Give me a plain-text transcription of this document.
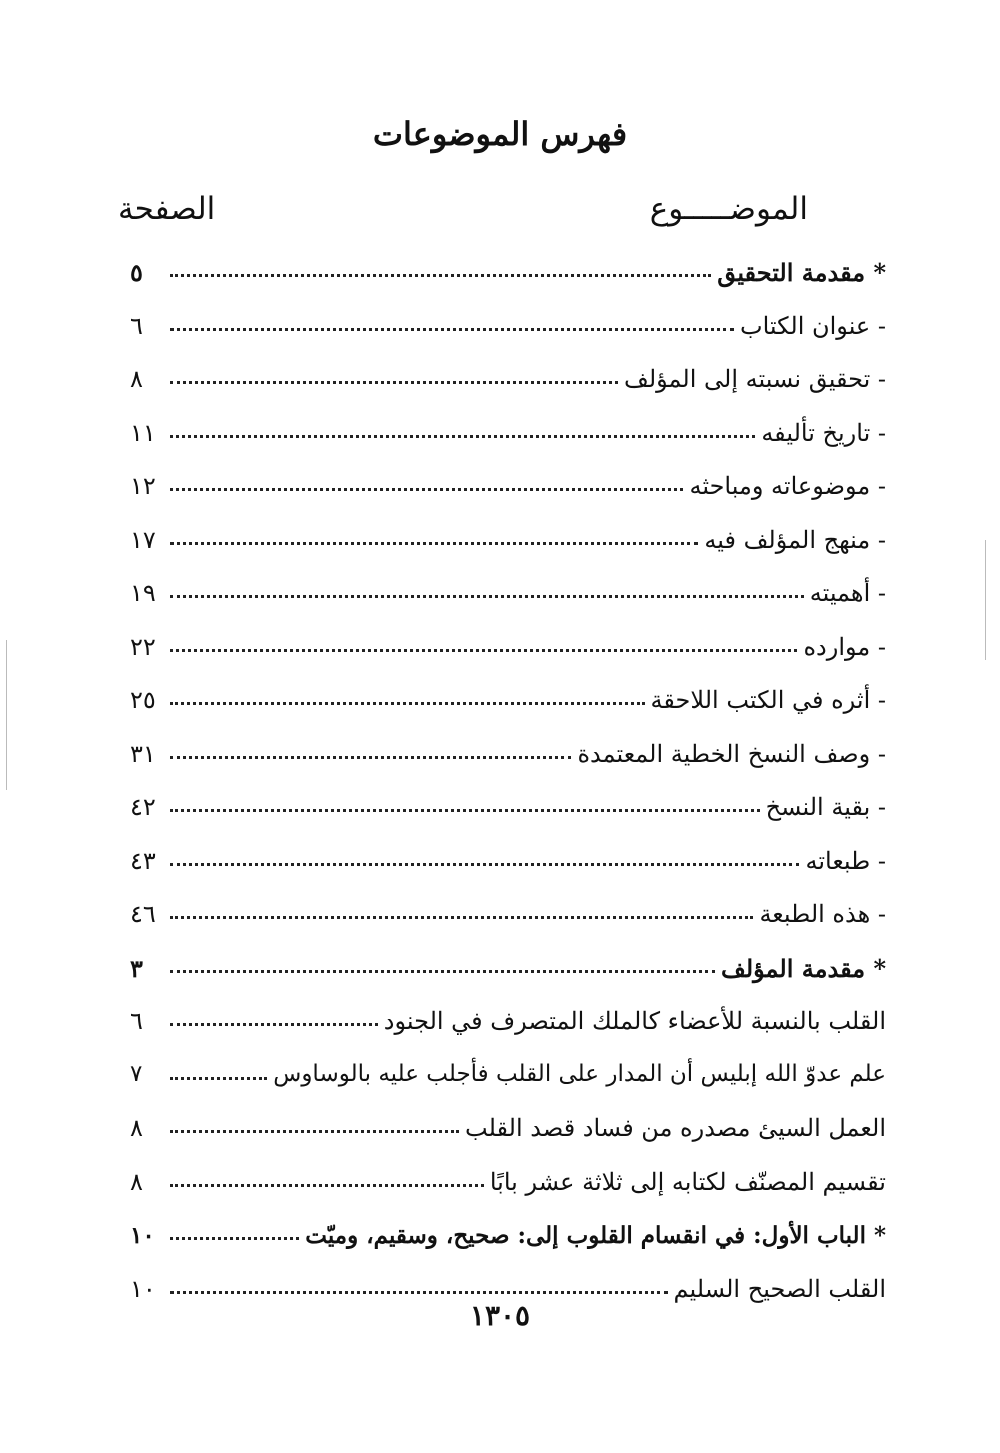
فهرس الموضوعات
الموضـــــوع
الصفحة
* مقدمة التحقيق
٥
- عنوان الكتاب
٦
- تحقيق نسبته إلى المؤلف
٨
- تاريخ تأليفه
١١
- موضوعاته ومباحثه
١٢
- منهج المؤلف فيه
١٧
- أهميته
١٩
- موارده
٢٢
- أثره في الكتب اللاحقة
٢٥
- وصف النسخ الخطية المعتمدة
٣١
- بقية النسخ
٤٢
- طبعاته
٤٣
- هذه الطبعة
٤٦
* مقدمة المؤلف
٣
القلب بالنسبة للأعضاء كالملك المتصرف في الجنود
٦
علم عدوّ الله إبليس أن المدار على القلب فأجلب عليه بالوساوس
٧
العمل السيئ مصدره من فساد قصد القلب
٨
تقسيم المصنّف لكتابه إلى ثلاثة عشر بابًا
٨
* الباب الأول: في انقسام القلوب إلى: صحيح، وسقيم، وميّت
١٠
القلب الصحيح السليم
١٠
١٣٠٥
